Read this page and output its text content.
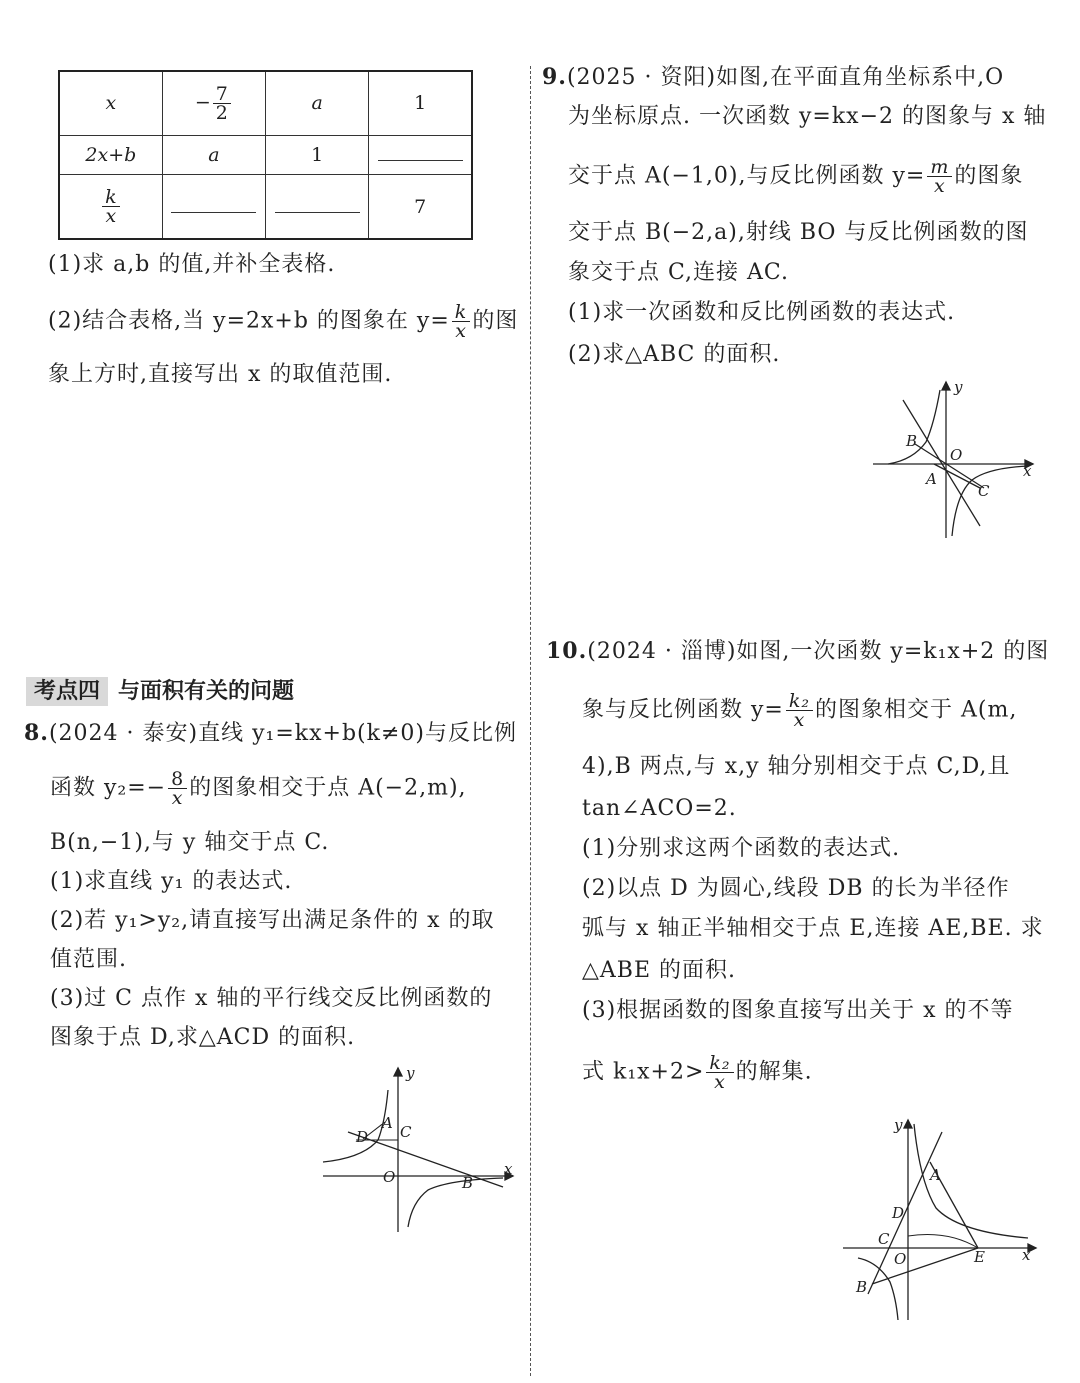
x	− $\frac{7}{2}$	a	1
2x+b	a	1	

$\frac{k}{x}$			7
(1)求 a,b 的值,并补全表格.
(2)结合表格,当 y=2x+b 的图象在 $y= \frac{k}{x}$ 的图
象上方时,直接写出 x 的取值范围.
考点四 与面积有关的问题
8.(2024 · 泰安)直线 y₁=kx+b(k≠0)与反比例
函数 $y_2=- \frac{8}{x}$ 的图象相交于点 A(−2,m),
B(n,−1),与 y 轴交于点 C.
(1)求直线 y₁ 的表达式.
(2)若 y₁>y₂,请直接写出满足条件的 x 的取
值范围.
(3)过 C 点作 x 轴的平行线交反比例函数的
图象于点 D,求△ACD 的面积.
y
x
O
A
B
C
D
9.(2025 · 资阳)如图,在平面直角坐标系中,O
为坐标原点. 一次函数 y=kx−2 的图象与 x 轴
交于点 A(−1,0),与反比例函数 $y= \frac{m}{x}$ 的图象
交于点 B(−2,a),射线 BO 与反比例函数的图
象交于点 C,连接 AC.
(1)求一次函数和反比例函数的表达式.
(2)求△ABC 的面积.
y
x
O
A
B
C
10.(2024 · 淄博)如图,一次函数 y=k₁x+2 的图
象与反比例函数 $y= \frac{\text{k₂}}{x}$ 的图象相交于 A(m,
4),B 两点,与 x,y 轴分别相交于点 C,D,且
tan∠ACO=2.
(1)分别求这两个函数的表达式.
(2)以点 D 为圆心,线段 DB 的长为半径作
弧与 x 轴正半轴相交于点 E,连接 AE,BE. 求
△ABE 的面积.
(3)根据函数的图象直接写出关于 x 的不等
式 $k_1x+2> \frac{\text{k₂}}{x}$ 的解集.
y
x
O
A
B
C
D
E
